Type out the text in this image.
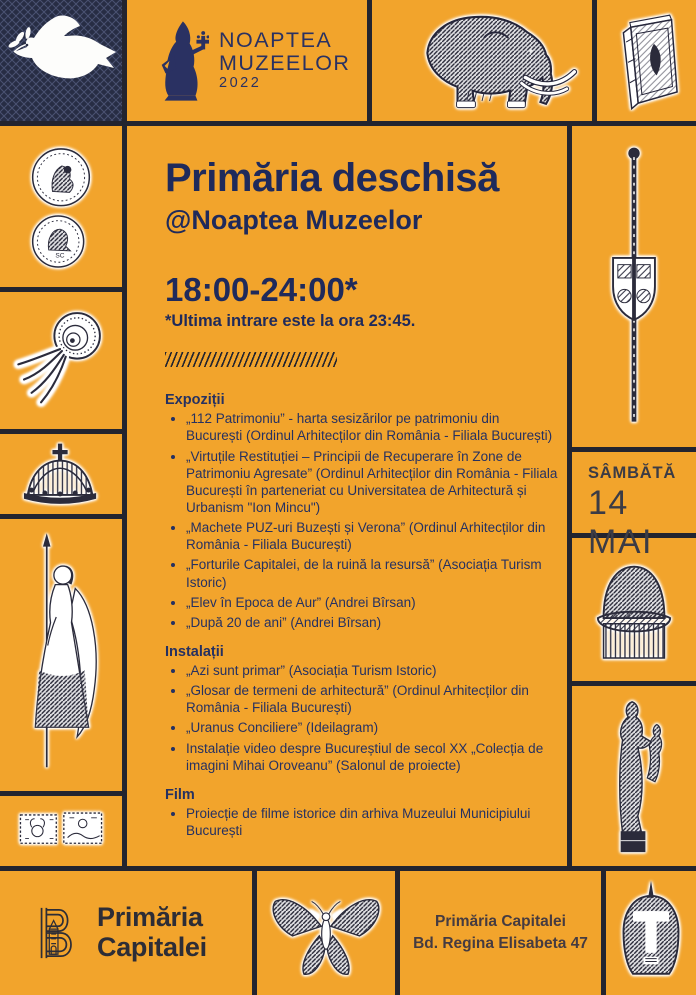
NOAPTEA
MUZEELOR
2022
SC
SÂMBĂTĂ
14 MAI
Primăria deschisă
@Noaptea Muzeelor
18:00-24:00*
*Ultima intrare este la ora 23:45.
Expoziții
• „112 Patrimoniu” - harta sesizărilor pe patrimoniu din București (Ordinul Arhitecților din România - Filiala București)
• „Virtuțile Restituției – Principii de Recuperare în Zone de Patrimoniu Agresate” (Ordinul Arhitecților din România - Filiala București în parteneriat cu Universitatea de Arhitectură și Urbanism "Ion Mincu")
• „Machete PUZ-uri Buzești și Verona” (Ordinul Arhitecților din România - Filiala București)
• „Forturile Capitalei, de la ruină la resursă” (Asociația Turism Istoric)
• „Elev în Epoca de Aur” (Andrei Bîrsan)
• „După 20 de ani” (Andrei Bîrsan)
Instalații
• „Azi sunt primar” (Asociația Turism Istoric)
• „Glosar de termeni de arhitectură” (Ordinul Arhitecților din România - Filiala București)
• „Uranus Conciliere” (Ideilagram)
• Instalație video despre Bucureștiul de secol XX „Colecția de imagini Mihai Oroveanu” (Salonul de proiecte)
Film
• Proiecție de filme istorice din arhiva Muzeului Municipiului București
Primăria
Capitalei
Primăria Capitalei
Bd. Regina Elisabeta 47
